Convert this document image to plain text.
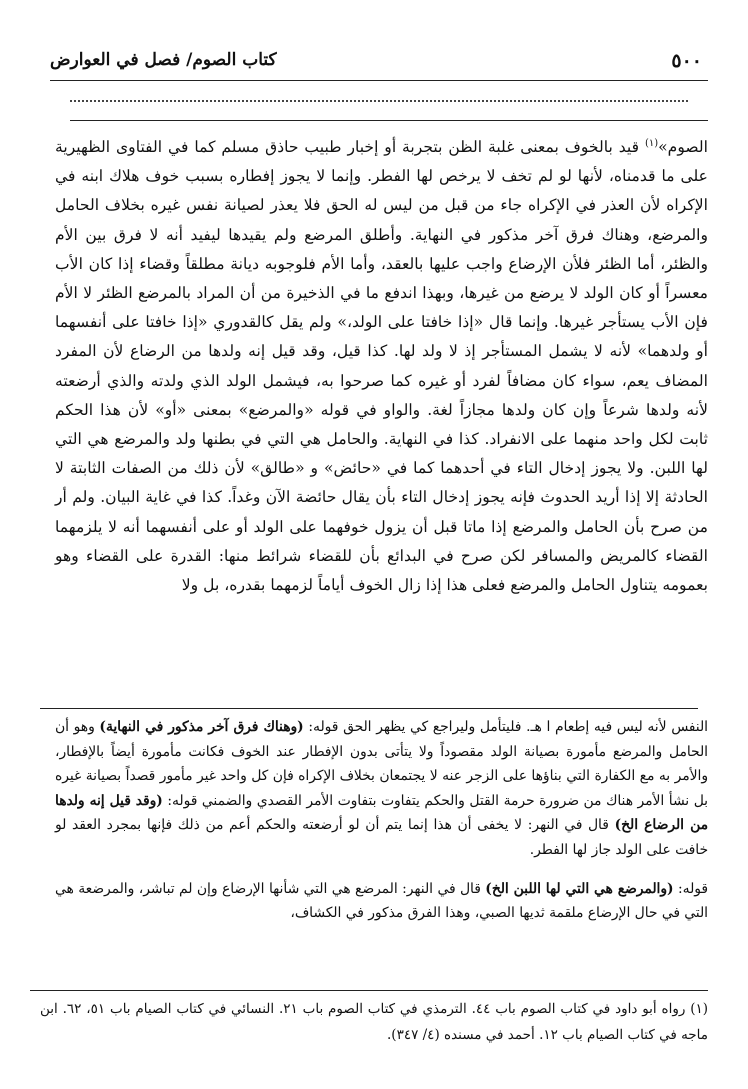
٥٠٠
كتاب الصوم/ فصل في العوارض

الصوم»$^{(١)}$ قيد بالخوف بمعنى غلبة الظن بتجربة أو إخبار طبيب حاذق مسلم كما في الفتاوى الظهيرية على ما قدمناه، لأنها لو لم تخف لا يرخص لها الفطر. وإنما لا يجوز إفطاره بسبب خوف هلاك ابنه في الإكراه لأن العذر في الإكراه جاء من قبل من ليس له الحق فلا يعذر لصيانة نفس غيره بخلاف الحامل والمرضع، وهناك فرق آخر مذكور في النهاية. وأطلق المرضع ولم يقيدها ليفيد أنه لا فرق بين الأم والظئر، أما الظئر فلأن الإرضاع واجب عليها بالعقد، وأما الأم فلوجوبه ديانة مطلقاً وقضاء إذا كان الأب معسراً أو كان الولد لا يرضع من غيرها، وبهذا اندفع ما في الذخيرة من أن المراد بالمرضع الظئر لا الأم فإن الأب يستأجر غيرها. وإنما قال «إذا خافتا على الولد،» ولم يقل كالقدوري «إذا خافتا على أنفسهما أو ولدهما» لأنه لا يشمل المستأجر إذ لا ولد لها. كذا قيل، وقد قيل إنه ولدها من الرضاع لأن المفرد المضاف يعم، سواء كان مضافاً لفرد أو غيره كما صرحوا به، فيشمل الولد الذي ولدته والذي أرضعته لأنه ولدها شرعاً وإن كان ولدها مجازاً لغة. والواو في قوله «والمرضع» بمعنى «أو» لأن هذا الحكم ثابت لكل واحد منهما على الانفراد. كذا في النهاية. والحامل هي التي في بطنها ولد والمرضع هي التي لها اللبن. ولا يجوز إدخال التاء في أحدهما كما في «حائض» و «طالق» لأن ذلك من الصفات الثابتة لا الحادثة إلا إذا أريد الحدوث فإنه يجوز إدخال التاء بأن يقال حائضة الآن وغداً. كذا في غاية البيان. ولم أر من صرح بأن الحامل والمرضع إذا ماتا قبل أن يزول خوفهما على الولد أو على أنفسهما أنه لا يلزمهما القضاء كالمريض والمسافر لكن صرح في البدائع بأن للقضاء شرائط منها: القدرة على القضاء وهو بعمومه يتناول الحامل والمرضع فعلى هذا إذا زال الخوف أياماً لزمهما بقدره، بل ولا

النفس لأنه ليس فيه إطعام ا هـ. فليتأمل وليراجع كي يظهر الحق قوله: (وهناك فرق آخر مذكور في النهاية) وهو أن الحامل والمرضع مأمورة بصيانة الولد مقصوداً ولا يتأتى بدون الإفطار عند الخوف فكانت مأمورة أيضاً بالإفطار، والأمر به مع الكفارة التي بناؤها على الزجر عنه لا يجتمعان بخلاف الإكراه فإن كل واحد غير مأمور قصداً بصيانة غيره بل نشأ الأمر هناك من ضرورة حرمة القتل والحكم يتفاوت بتفاوت الأمر القصدي والضمني قوله: (وقد قيل إنه ولدها من الرضاع الخ) قال في النهر: لا يخفى أن هذا إنما يتم أن لو أرضعته والحكم أعم من ذلك فإنها بمجرد العقد لو خافت على الولد جاز لها الفطر.

قوله: (والمرضع هي التي لها اللبن الخ) قال في النهر: المرضع هي التي شأنها الإرضاع وإن لم تباشر، والمرضعة هي التي في حال الإرضاع ملقمة ثديها الصبي، وهذا الفرق مذكور في الكشاف،

(١) رواه أبو داود في كتاب الصوم باب ٤٤. الترمذي في كتاب الصوم باب ٢١. النسائي في كتاب الصيام باب ٥١، ٦٢. ابن ماجه في كتاب الصيام باب ١٢. أحمد في مسنده (٤/ ٣٤٧).
